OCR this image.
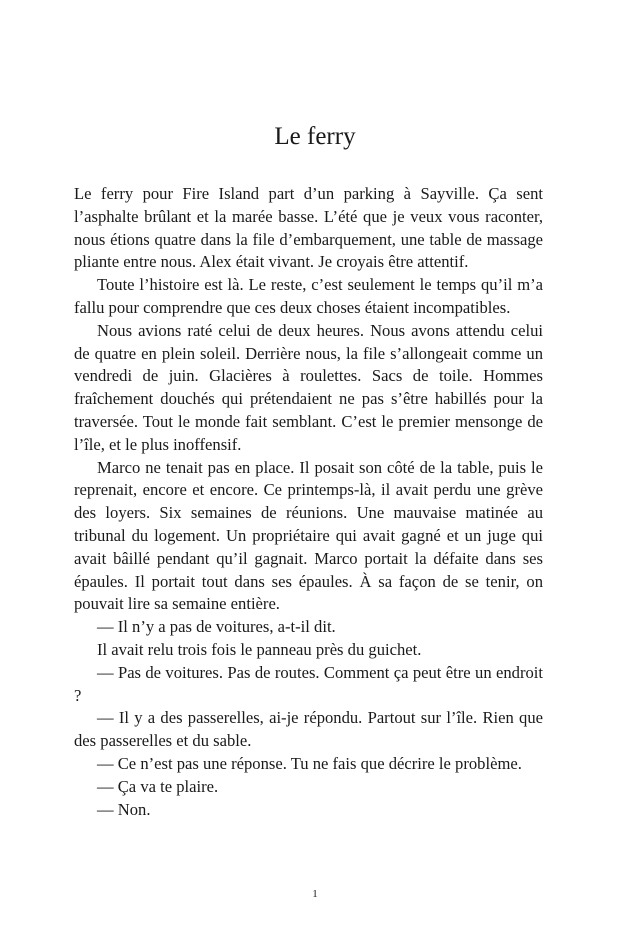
Le ferry

Le ferry pour Fire Island part d’un parking à Sayville. Ça sent l’asphalte brûlant et la marée basse. L’été que je veux vous raconter, nous étions quatre dans la file d’embarquement, une table de massage pliante entre nous. Alex était vivant. Je croyais être attentif.

Toute l’histoire est là. Le reste, c’est seulement le temps qu’il m’a fallu pour comprendre que ces deux choses étaient incompatibles.

Nous avions raté celui de deux heures. Nous avons attendu celui de quatre en plein soleil. Derrière nous, la file s’allongeait comme un vendredi de juin. Glacières à roulettes. Sacs de toile. Hommes fraîchement douchés qui prétendaient ne pas s’être habillés pour la traversée. Tout le monde fait semblant. C’est le premier mensonge de l’île, et le plus inoffensif.

Marco ne tenait pas en place. Il posait son côté de la table, puis le reprenait, encore et encore. Ce printemps-là, il avait perdu une grève des loyers. Six semaines de réunions. Une mauvaise matinée au tribunal du logement. Un propriétaire qui avait gagné et un juge qui avait bâillé pendant qu’il gagnait. Marco portait la défaite dans ses épaules. Il portait tout dans ses épaules. À sa façon de se tenir, on pouvait lire sa semaine entière.

— Il n’y a pas de voitures, a-t-il dit.

Il avait relu trois fois le panneau près du guichet.

— Pas de voitures. Pas de routes. Comment ça peut être un endroit ?

— Il y a des passerelles, ai-je répondu. Partout sur l’île. Rien que des passerelles et du sable.

— Ce n’est pas une réponse. Tu ne fais que décrire le problème.

— Ça va te plaire.

— Non.

1
